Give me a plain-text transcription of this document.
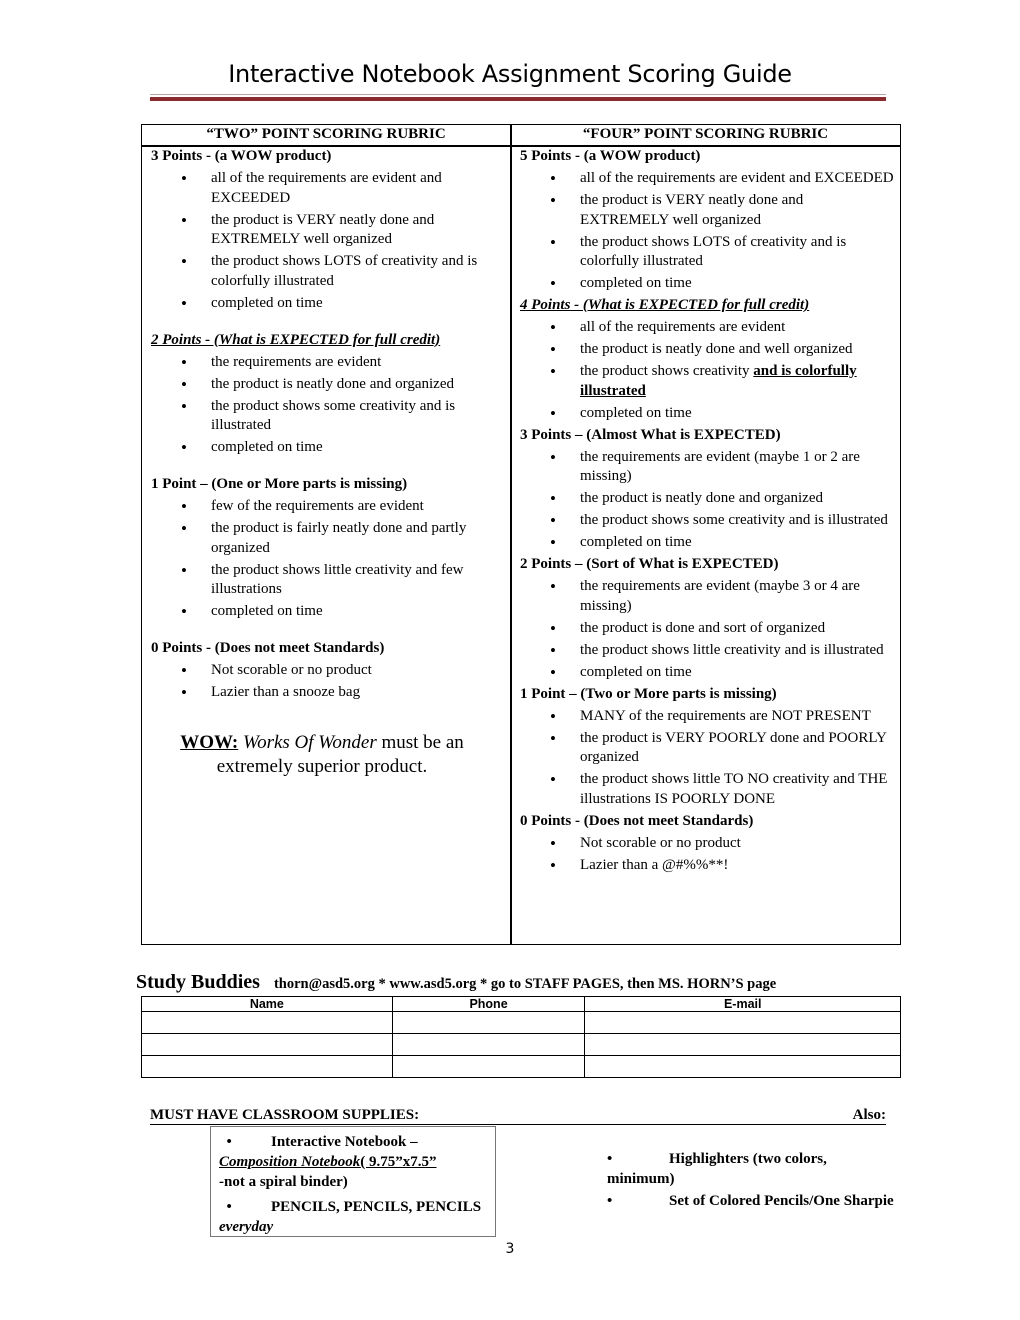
Interactive Notebook Assignment Scoring Guide
“TWO” POINT SCORING RUBRIC	“FOUR” POINT SCORING RUBRIC
3 Points - (a WOW product)
• all of the requirements are evident and EXCEEDED
• the product is VERY neatly done and EXTREMELY well organized
• the product shows LOTS of creativity and is colorfully illustrated
• completed on time
2 Points - (What is EXPECTED for full credit)
• the requirements are evident
• the product is neatly done and organized
• the product shows some creativity and is illustrated
• completed on time
1 Point – (One or More parts is missing)
• few of the requirements are evident
• the product is fairly neatly done and partly organized
• the product shows little creativity and few illustrations
• completed on time
0 Points - (Does not meet Standards)
• Not scorable or no product
• Lazier than a snooze bag
WOW: Works Of Wonder must be an extremely superior product.
5 Points - (a WOW product)
• all of the requirements are evident and EXCEEDED
• the product is VERY neatly done and EXTREMELY well organized
• the product shows LOTS of creativity and is colorfully illustrated
• completed on time
4 Points - (What is EXPECTED for full credit)
• all of the requirements are evident
• the product is neatly done and well organized
• the product shows creativity and is colorfully illustrated
• completed on time
3 Points – (Almost What is EXPECTED)
• the requirements are evident (maybe 1 or 2 are missing)
• the product is neatly done and organized
• the product shows some creativity and is illustrated
• completed on time
2 Points – (Sort of What is EXPECTED)
• the requirements are evident (maybe 3 or 4 are missing)
• the product is done and sort of organized
• the product shows little creativity and is illustrated
• completed on time
1 Point – (Two or More parts is missing)
• MANY of the requirements are NOT PRESENT
• the product is VERY POORLY done and POORLY organized
• the product shows little TO NO creativity and THE illustrations IS POORLY DONE
0 Points - (Does not meet Standards)
• Not scorable or no product
• Lazier than a @#%%**!
Study Buddies thorn@asd5.org * www.asd5.org * go to STAFF PAGES, then MS. HORN’S page
Name	Phone	E-mail

MUST HAVE CLASSROOM SUPPLIES:	Also:
•	Interactive Notebook –
Composition Notebook( 9.75”x7.5”
-not a spiral binder)
•	PENCILS, PENCILS, PENCILS everyday
•	Highlighters (two colors, minimum)
•	Set of Colored Pencils/One Sharpie
3
